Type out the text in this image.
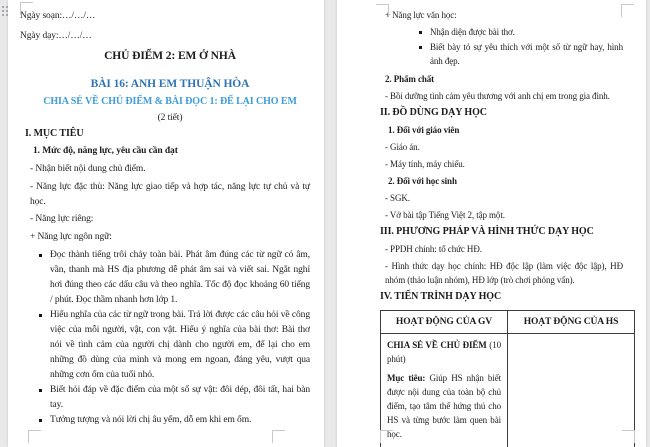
Ngày soạn:…/…/…

Ngày dạy:…/…/…

CHỦ ĐIỂM 2: EM Ở NHÀ

BÀI 16: ANH EM THUẬN HÒA

CHIA SẺ VỀ CHỦ ĐIỂM & BÀI ĐỌC 1: ĐỂ LẠI CHO EM

(2 tiết)

I. MỤC TIÊU

1. Mức độ, năng lực, yêu cầu cần đạt

- Nhận biết nội dung chủ điểm.

- Năng lực đặc thù: Năng lực giao tiếp và hợp tác, năng lực tự chủ và tự học.

- Năng lực riêng:

+ Năng lực ngôn ngữ:

Đọc thành tiếng trôi chảy toàn bài. Phát âm đúng các từ ngữ có âm, vần, thanh mà HS địa phương dễ phát âm sai và viết sai. Ngắt nghỉ hơi đúng theo các dấu câu và theo nghĩa. Tốc độ đọc khoảng 60 tiếng / phút. Đọc thầm nhanh hơn lớp 1.
Hiểu nghĩa của các từ ngữ trong bài. Trả lời được các câu hỏi về công việc của mỗi người, vật, con vật. Hiểu ý nghĩa của bài thơ: Bài thơ nói về tình cảm của người chị dành cho người em, để lại cho em những đồ dùng của mình và mong em ngoan, đáng yêu, vượt qua những cơn ốm của tuổi nhỏ.
Biết hỏi đáp về đặc điểm của một số sự vật: đôi dép, đôi tất, hai bàn tay.
Tưởng tượng và nói lời chị âu yếm, dỗ em khi em ốm.

+ Năng lực văn học:

Nhận diện được bài thơ.
Biết bày tỏ sự yêu thích với một số từ ngữ hay, hình ảnh đẹp.

2. Phẩm chất

- Bồi dưỡng tình cảm yêu thương với anh chị em trong gia đình.

II. ĐỒ DÙNG DẠY HỌC

1. Đối với giáo viên

- Giáo án.

- Máy tính, máy chiếu.

2. Đối với học sinh

- SGK.

- Vở bài tập Tiếng Việt 2, tập một.

III. PHƯƠNG PHÁP VÀ HÌNH THỨC DẠY HỌC

- PPDH chính: tổ chức HĐ.

- Hình thức dạy học chính: HĐ độc lập (làm việc độc lập), HĐ nhóm (thảo luận nhóm), HĐ lớp (trò chơi phỏng vấn).

IV. TIẾN TRÌNH DẠY HỌC

HOẠT ĐỘNG CỦA GV	HOẠT ĐỘNG CỦA HS

CHIA SẺ VỀ CHỦ ĐIỂM (10 phút)

Mục tiêu: Giúp HS nhận biết được nội dung của toàn bộ chủ điểm, tạo tâm thế hứng thú cho HS và từng bước làm quen bài học.	
